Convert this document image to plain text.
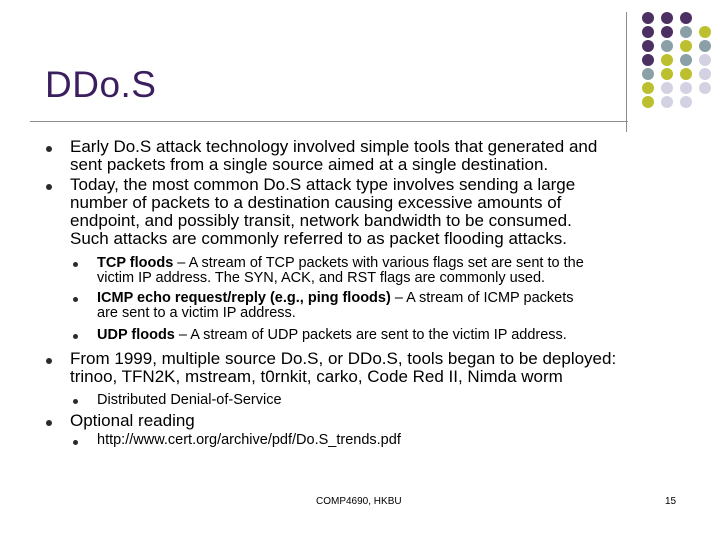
DDo.S
Early Do.S attack technology involved simple tools that generated and
sent packets from a single source aimed at a single destination.
Today, the most common Do.S attack type involves sending a large
number of packets to a destination causing excessive amounts of
endpoint, and possibly transit, network bandwidth to be consumed.
Such attacks are commonly referred to as packet flooding attacks.
TCP floods – A stream of TCP packets with various flags set are sent to the
victim IP address. The SYN, ACK, and RST flags are commonly used.
ICMP echo request/reply (e.g., ping floods) – A stream of ICMP packets
are sent to a victim IP address.
UDP floods – A stream of UDP packets are sent to the victim IP address.
From 1999, multiple source Do.S, or DDo.S, tools began to be deployed:
trinoo, TFN2K, mstream, t0rnkit, carko, Code Red II, Nimda worm
Distributed Denial-of-Service
Optional reading
http://www.cert.org/archive/pdf/Do.S_trends.pdf
COMP4690, HKBU	15
